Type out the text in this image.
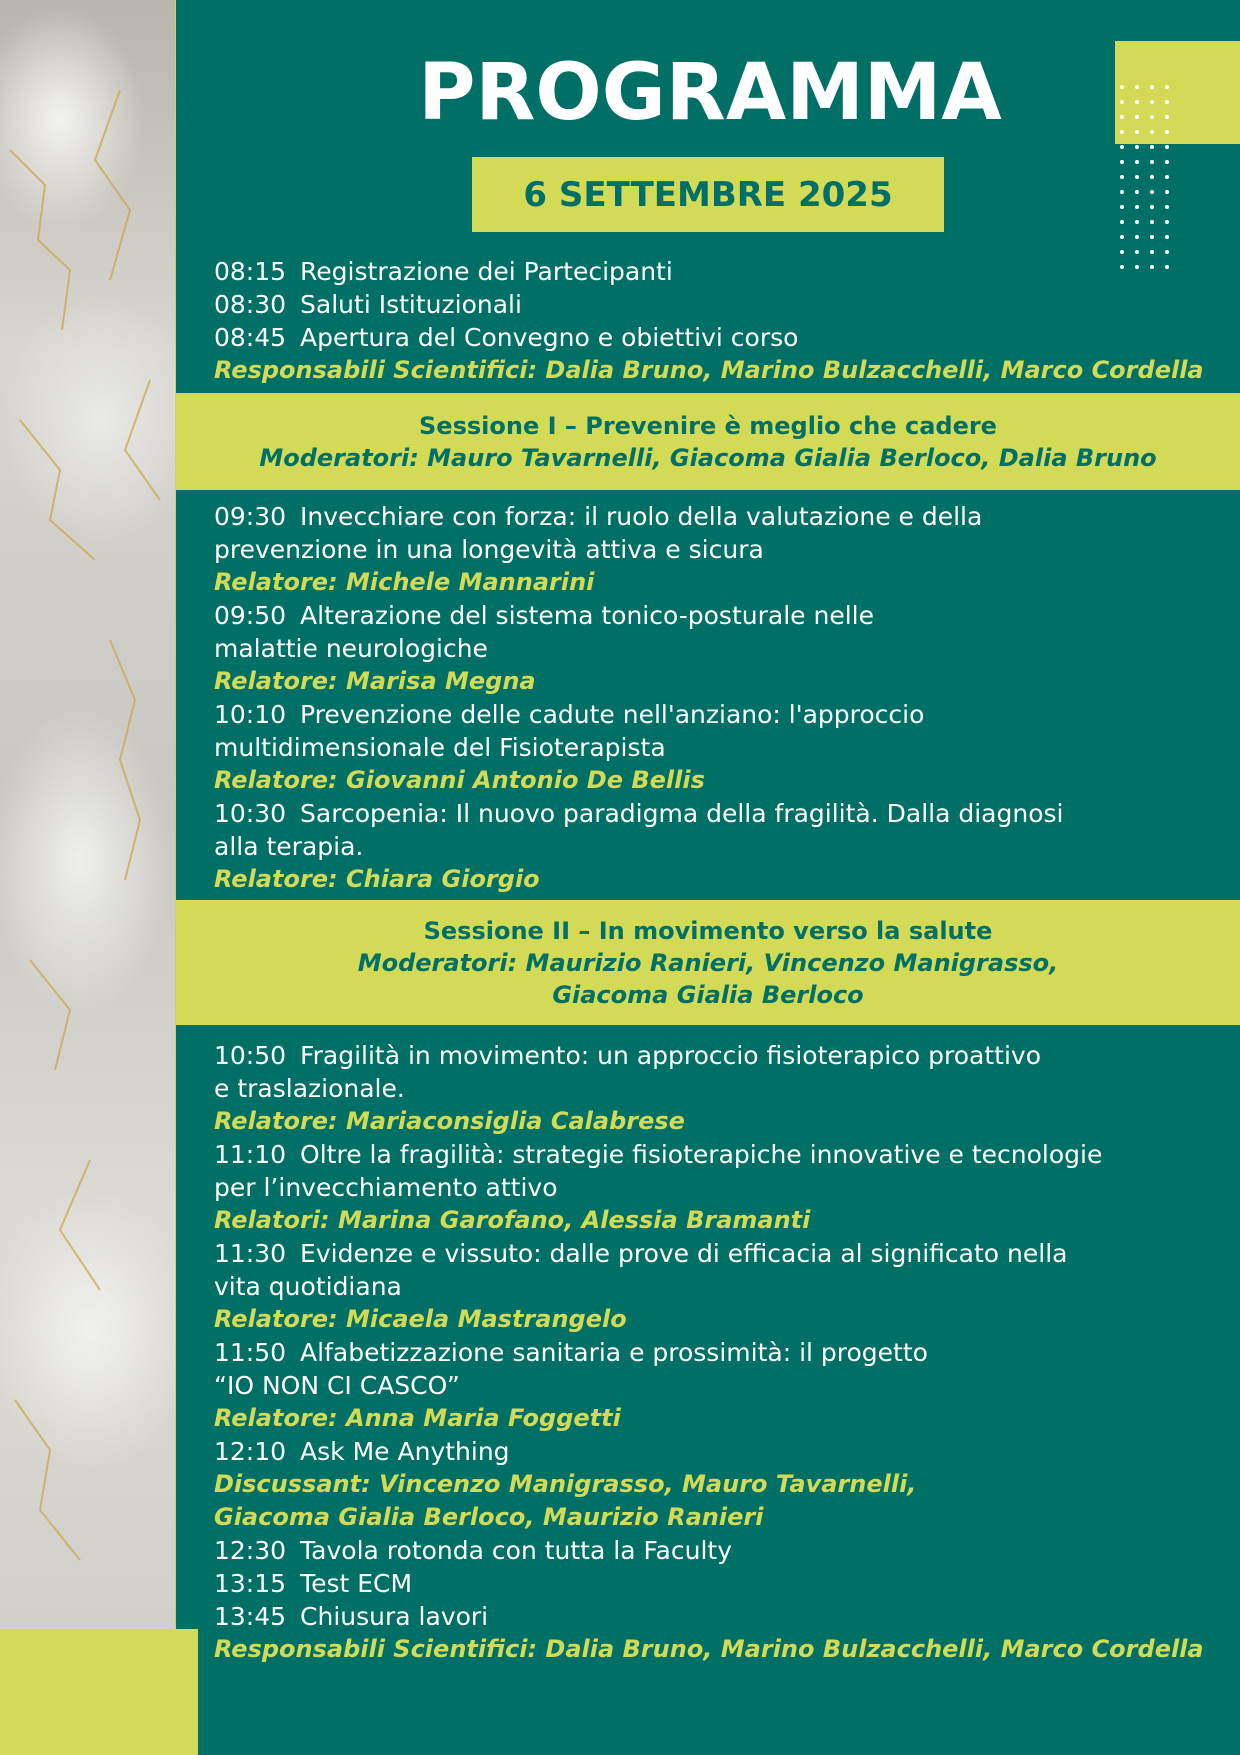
PROGRAMMA
6 SETTEMBRE 2025
08:15 Registrazione dei Partecipanti
08:30 Saluti Istituzionali
08:45 Apertura del Convegno e obiettivi corso
Responsabili Scientifici: Dalia Bruno, Marino Bulzacchelli, Marco Cordella
Sessione I – Prevenire è meglio che cadere
Moderatori: Mauro Tavarnelli, Giacoma Gialia Berloco, Dalia Bruno
09:30 Invecchiare con forza: il ruolo della valutazione e della
prevenzione in una longevità attiva e sicura
Relatore: Michele Mannarini
09:50 Alterazione del sistema tonico-posturale nelle
malattie neurologiche
Relatore: Marisa Megna
10:10 Prevenzione delle cadute nell'anziano: l'approccio
multidimensionale del Fisioterapista
Relatore: Giovanni Antonio De Bellis
10:30 Sarcopenia: Il nuovo paradigma della fragilità. Dalla diagnosi
alla terapia.
Relatore: Chiara Giorgio
Sessione II – In movimento verso la salute
Moderatori: Maurizio Ranieri, Vincenzo Manigrasso,
Giacoma Gialia Berloco
10:50 Fragilità in movimento: un approccio fisioterapico proattivo
e traslazionale.
Relatore: Mariaconsiglia Calabrese
11:10 Oltre la fragilità: strategie fisioterapiche innovative e tecnologie
per l’invecchiamento attivo
Relatori: Marina Garofano, Alessia Bramanti
11:30 Evidenze e vissuto: dalle prove di efficacia al significato nella
vita quotidiana
Relatore: Micaela Mastrangelo
11:50 Alfabetizzazione sanitaria e prossimità: il progetto
“IO NON CI CASCO”
Relatore: Anna Maria Foggetti
12:10 Ask Me Anything
Discussant: Vincenzo Manigrasso, Mauro Tavarnelli,
Giacoma Gialia Berloco, Maurizio Ranieri
12:30 Tavola rotonda con tutta la Faculty
13:15 Test ECM
13:45 Chiusura lavori
Responsabili Scientifici: Dalia Bruno, Marino Bulzacchelli, Marco Cordella
